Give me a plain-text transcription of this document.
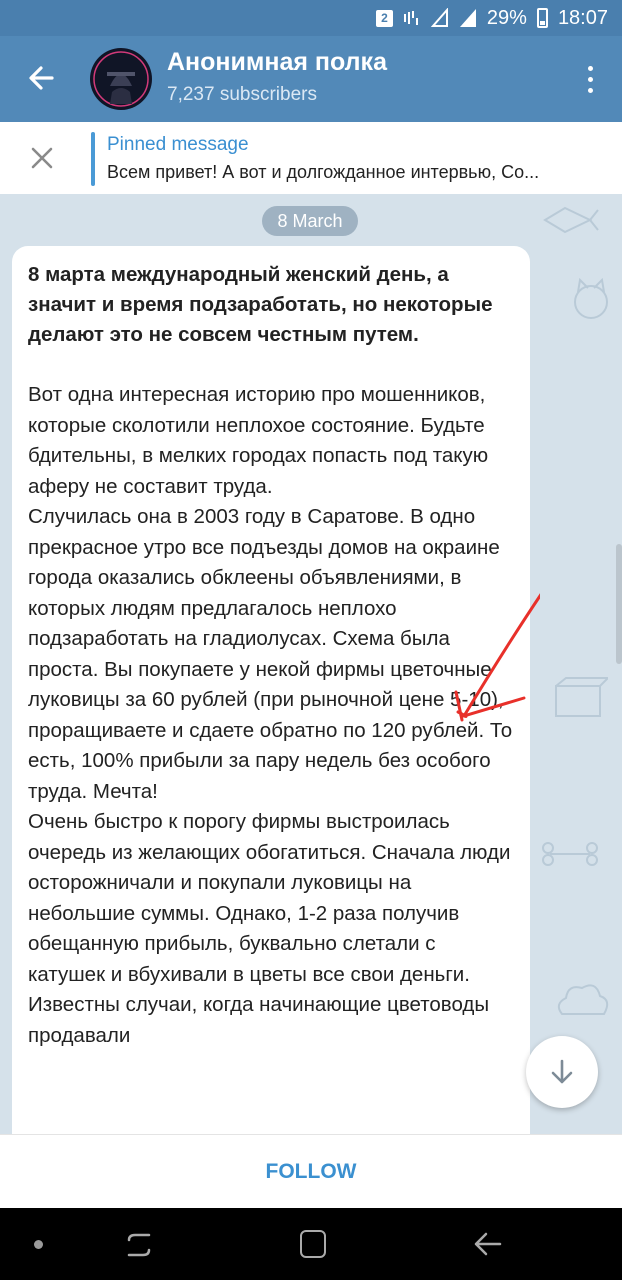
2	29% 18:07
Анонимная полка
7,237 subscribers
Pinned message
Всем привет! А вот и долгожданное интервью, Со...
8 March

8 марта международный женский день, а значит и время подзаработать, но некоторые делают это не совсем честным путем.

Вот одна интересная историю про мошенников, которые сколотили неплохое состояние. Будьте бдительны, в мелких городах попасть под такую аферу не составит труда.
Случилась она в 2003 году в Саратове. В одно прекрасное утро все подъезды домов на окраине города оказались обклеены объявлениями, в которых людям предлагалось неплохо подзаработать на гладиолусах. Схема была проста. Вы покупаете у некой фирмы цветочные луковицы за 60 рублей (при рыночной цене 5-10), проращиваете и сдаете обратно по 120 рублей. То есть, 100% прибыли за пару недель без особого труда. Мечта!
Очень быстро к порогу фирмы выстроилась очередь из желающих обогатиться. Сначала люди осторожничали и покупали луковицы на небольшие суммы. Однако, 1-2 раза получив обещанную прибыль, буквально слетали с катушек и вбухивали в цветы все свои деньги. Известны случаи, когда начинающие цветоводы продавали

FOLLOW
